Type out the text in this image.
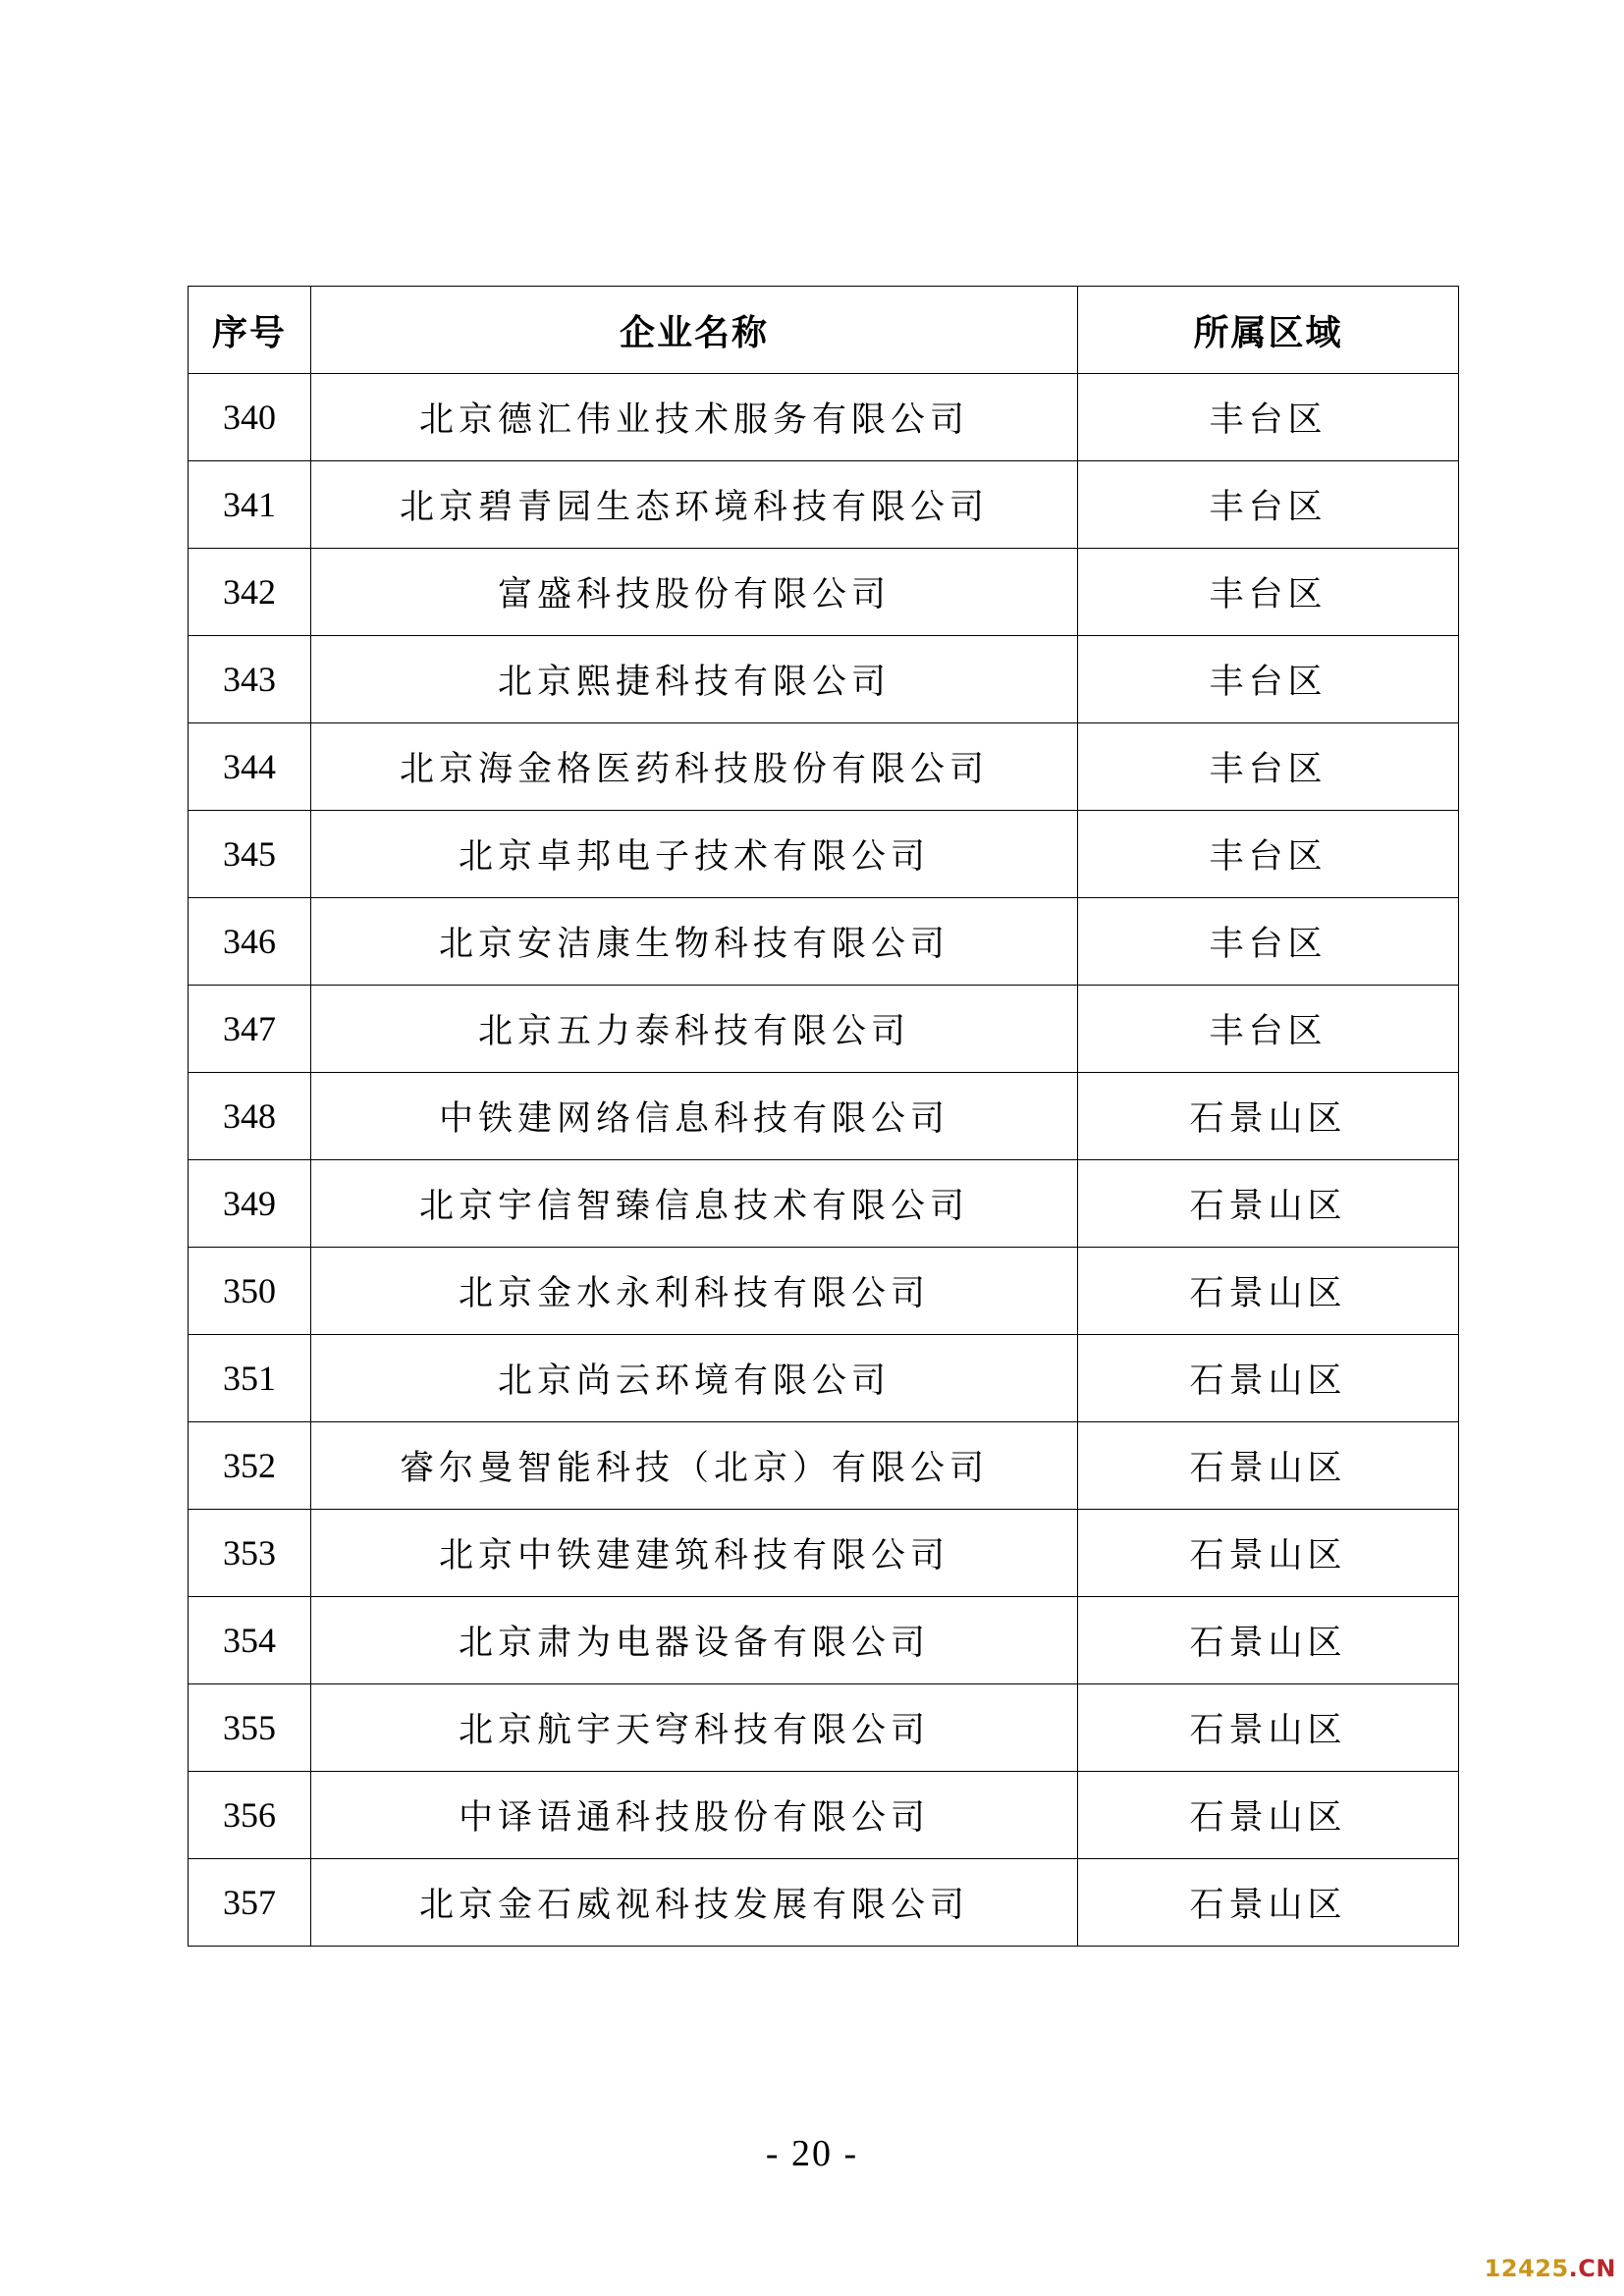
序号	企业名称	所属区域
340	北京德汇伟业技术服务有限公司	丰台区
341	北京碧青园生态环境科技有限公司	丰台区
342	富盛科技股份有限公司	丰台区
343	北京熙捷科技有限公司	丰台区
344	北京海金格医药科技股份有限公司	丰台区
345	北京卓邦电子技术有限公司	丰台区
346	北京安洁康生物科技有限公司	丰台区
347	北京五力泰科技有限公司	丰台区
348	中铁建网络信息科技有限公司	石景山区
349	北京宇信智臻信息技术有限公司	石景山区
350	北京金水永利科技有限公司	石景山区
351	北京尚云环境有限公司	石景山区
352	睿尔曼智能科技（北京）有限公司	石景山区
353	北京中铁建建筑科技有限公司	石景山区
354	北京肃为电器设备有限公司	石景山区
355	北京航宇天穹科技有限公司	石景山区
356	中译语通科技股份有限公司	石景山区
357	北京金石威视科技发展有限公司	石景山区
- 20 -
12425.CN
